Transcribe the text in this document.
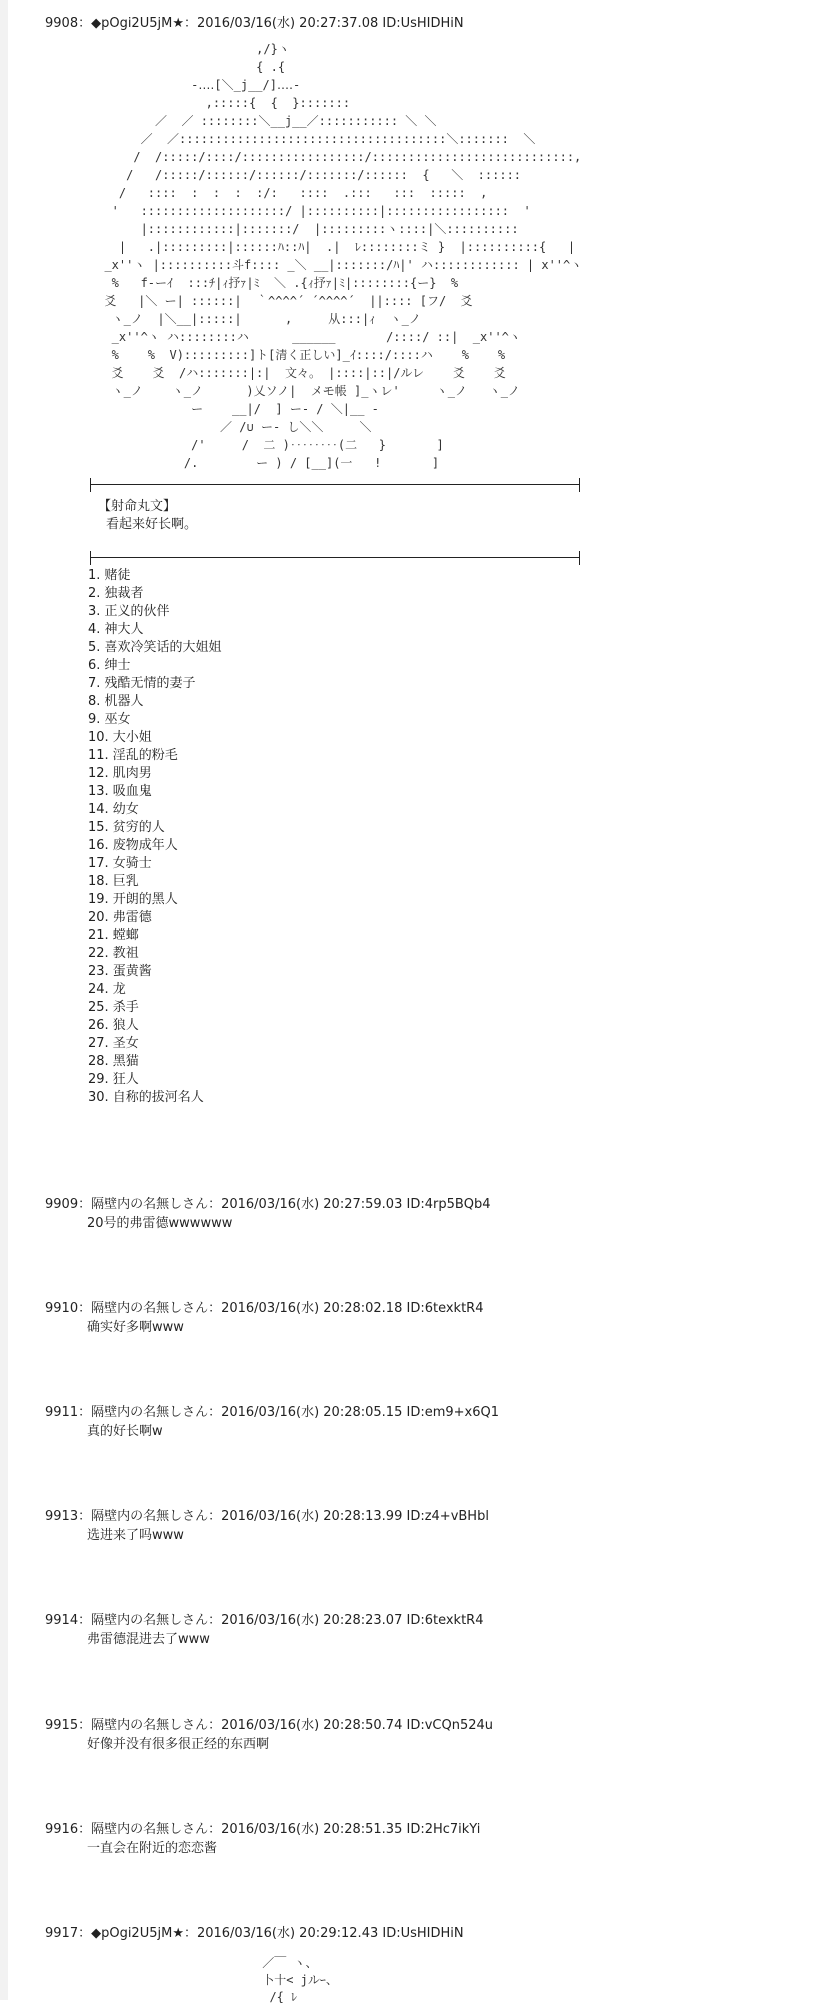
9908：◆pOgi2U5jM★：2016/03/16(水) 20:27:37.08 ID:UsHIDHiN
,/}ヽ
{ .{
-‥‥[＼_j__/]‥‥-
,:::::{  {  }:::::::
／  ／ ::::::::＼__j__／::::::::::: ＼ ＼
／  ／:::::::::::::::::::::::::::::::::::::＼:::::::  ＼
/  /:::::/::::/:::::::::::::::::/::::::::::::::::::::::::::::,
/   /:::::/::::::/::::::/:::::::/::::::  {   ＼  ::::::
/   ::::  :  :  :  :/:   ::::  .:::   :::  :::::  ,
'   ::::::::::::::::::::/ |::::::::::|:::::::::::::::::  '
|::::::::::::|:::::::/  |:::::::::ヽ::::|＼::::::::::
|   .|:::::::::|::::::ﾊ::ﾊ|  .|  ﾚ::::::::ミ }  |::::::::::{   |
_x''ヽ |::::::::::斗f:::: _＼ __|:::::::/ﾊ|' ハ:::::::::::: | x''^ヽ
%   f-ーｲ  :::ﾁ|ｨ抒ｧ|ﾐ  ＼ .{ｨ抒ｧ|ﾐ|::::::::{ー}  %
爻   |＼ ー| ::::::|  ｀^^^^´ ´^^^^´  ||:::: [フ/  爻
ヽ_ノ  |＼__|:::::|      ,     从:::|ｨ  ヽ_ノ
_x''^ヽ ハ::::::::ハ      ______       /::::/ ::|  _x''^ヽ
%    %  V):::::::::]ト[清く正しい]_ｲ::::/::::ハ    %    %
爻    爻  /ハ:::::::|:|  文々。 |::::|::|/ルレ    爻    爻
ヽ_ノ    ヽ_ノ      )乂ソノ|  メモ帳 ]_ヽレ'     ヽ_ノ   ヽ_ノ
ー    __|/  ] ー- / ＼|__ -
／ /∪ ー- し＼＼     ＼
/'     /  二 )‥‥‥‥(二   }       ]
/.        ー ) / [__](一   !       ]
【射命丸文】
看起来好长啊。
1. 赌徒
2. 独裁者
3. 正义的伙伴
4. 神大人
5. 喜欢冷笑话的大姐姐
6. 绅士
7. 残酷无情的妻子
8. 机器人
9. 巫女
10. 大小姐
11. 淫乱的粉毛
12. 肌肉男
13. 吸血鬼
14. 幼女
15. 贫穷的人
16. 废物成年人
17. 女骑士
18. 巨乳
19. 开朗的黑人
20. 弗雷德
21. 螳螂
22. 教祖
23. 蛋黄酱
24. 龙
25. 杀手
26. 狼人
27. 圣女
28. 黑猫
29. 狂人
30. 自称的拔河名人
9909：隔壁内の名無しさん：2016/03/16(水) 20:27:59.03 ID:4rp5BQb4
20号的弗雷德wwwwww
9910：隔壁内の名無しさん：2016/03/16(水) 20:28:02.18 ID:6texktR4
确实好多啊www
9911：隔壁内の名無しさん：2016/03/16(水) 20:28:05.15 ID:em9+x6Q1
真的好长啊w
9913：隔壁内の名無しさん：2016/03/16(水) 20:28:13.99 ID:z4+vBHbl
选进来了吗www
9914：隔壁内の名無しさん：2016/03/16(水) 20:28:23.07 ID:6texktR4
弗雷德混进去了www
9915：隔壁内の名無しさん：2016/03/16(水) 20:28:50.74 ID:vCQn524u
好像并没有很多很正经的东西啊
9916：隔壁内の名無しさん：2016/03/16(水) 20:28:51.35 ID:2Hc7ikYi
一直会在附近的恋恋酱
9917：◆pOgi2U5jM★：2016/03/16(水) 20:29:12.43 ID:UsHIDHiN
／￣ ヽ、
卜十< jルｰ、
/{ ﾚ
